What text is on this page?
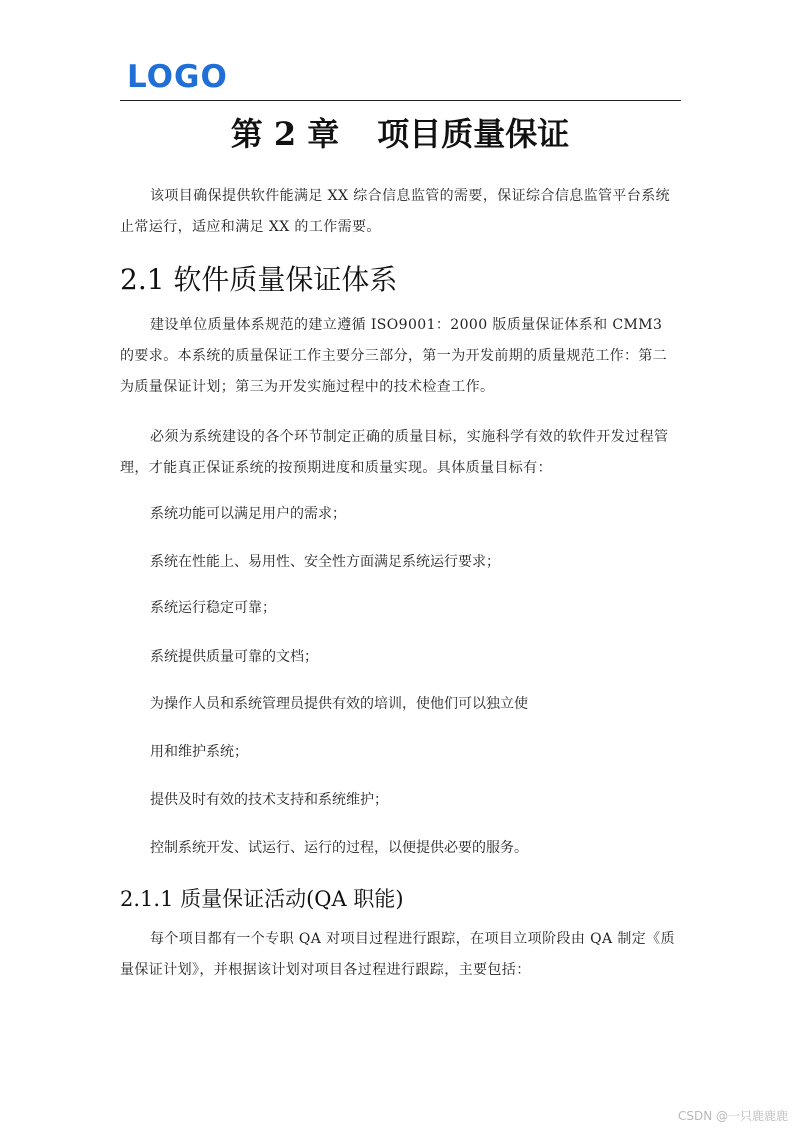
LOGO
第 2 章 项目质量保证

该项目确保提供软件能满足 XX 综合信息监管的需要，保证综合信息监管平台系统止常运行，适应和满足 XX 的工作需要。

2.1 软件质量保证体系

建设单位质量体系规范的建立遵循 ISO9001：2000 版质量保证体系和 CMM3 的要求。本系统的质量保证工作主要分三部分，第一为开发前期的质量规范工作：第二为质量保证计划；第三为开发实施过程中的技术检查工作。

必须为系统建设的各个环节制定正确的质量目标，实施科学有效的软件开发过程管理，才能真正保证系统的按预期进度和质量实现。具体质量目标有：

系统功能可以满足用户的需求；
系统在性能上、易用性、安全性方面满足系统运行要求；
系统运行稳定可靠；
系统提供质量可靠的文档；
为操作人员和系统管理员提供有效的培训，使他们可以独立使
用和维护系统；
提供及时有效的技术支持和系统维护；
控制系统开发、试运行、运行的过程，以便提供必要的服务。
2.1.1 质量保证活动(QA 职能)

每个项目都有一个专职 QA 对项目过程进行跟踪，在项目立项阶段由 QA 制定《质量保证计划》，并根据该计划对项目各过程进行跟踪，主要包括：

CSDN @一只鹿鹿鹿
